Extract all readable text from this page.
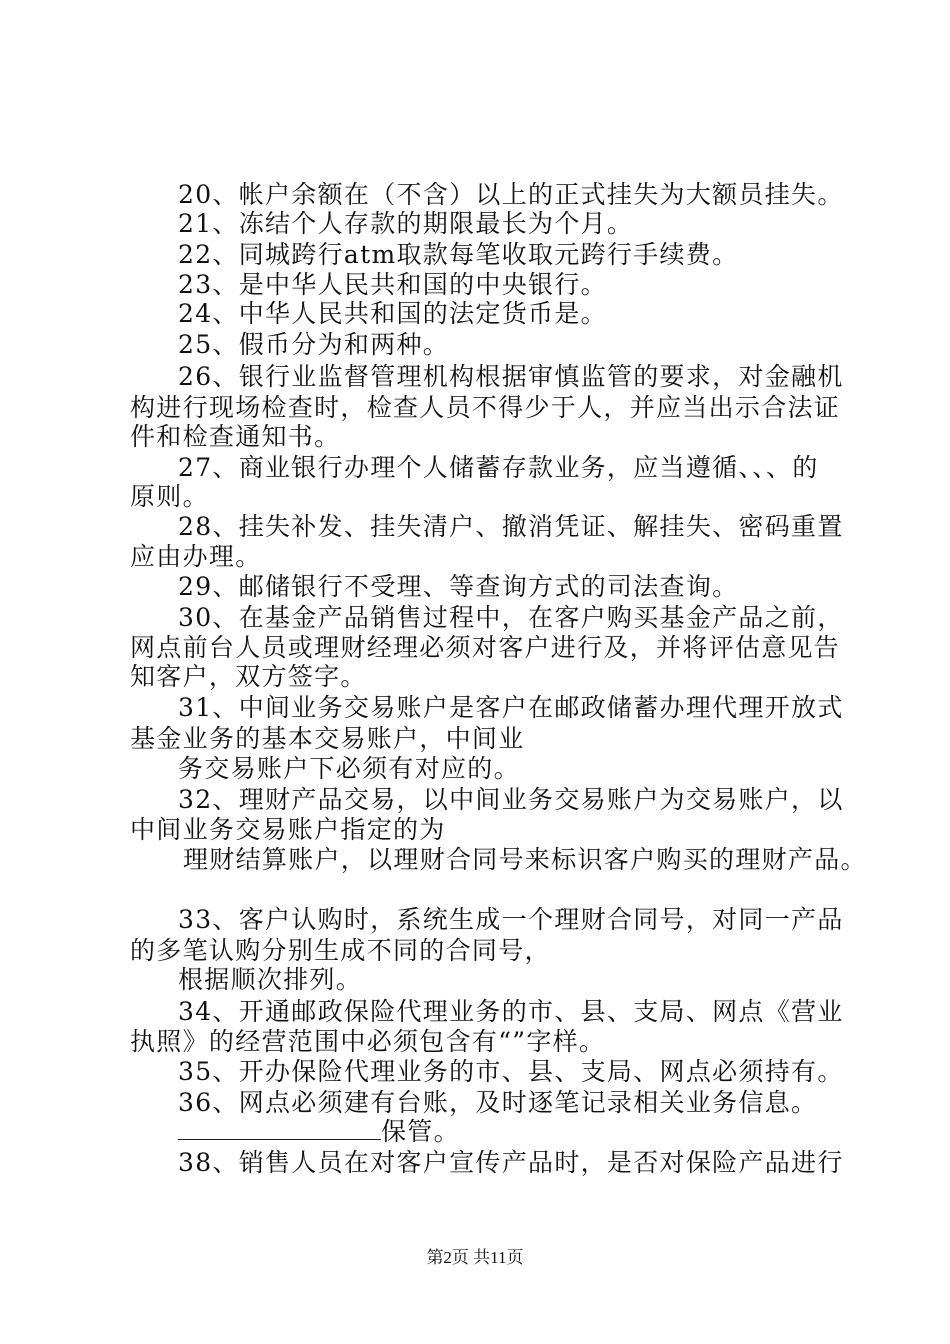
20、帐户余额在（不含）以上的正式挂失为大额员挂失。
21、冻结个人存款的期限最长为个月。
22、同城跨行atm取款每笔收取元跨行手续费。
23、是中华人民共和国的中央银行。
24、中华人民共和国的法定货币是。
25、假币分为和两种。
26、银行业监督管理机构根据审慎监管的要求，对金融机
构进行现场检查时，检查人员不得少于人，并应当出示合法证
件和检查通知书。
27、商业银行办理个人储蓄存款业务，应当遵循、、、的
原则。
28、挂失补发、挂失清户、撤消凭证、解挂失、密码重置
应由办理。
29、邮储银行不受理、等查询方式的司法查询。
30、在基金产品销售过程中，在客户购买基金产品之前，
网点前台人员或理财经理必须对客户进行及，并将评估意见告
知客户，双方签字。
31、中间业务交易账户是客户在邮政储蓄办理代理开放式
基金业务的基本交易账户，中间业
务交易账户下必须有对应的。
32、理财产品交易，以中间业务交易账户为交易账户，以
中间业务交易账户指定的为
理财结算账户，以理财合同号来标识客户购买的理财产品。
33、客户认购时，系统生成一个理财合同号，对同一产品
的多笔认购分别生成不同的合同号，
根据顺次排列。
34、开通邮政保险代理业务的市、县、支局、网点《营业
执照》的经营范围中必须包含有“”字样。
35、开办保险代理业务的市、县、支局、网点必须持有。
36、网点必须建有台账，及时逐笔记录相关业务信息。
保管。
38、销售人员在对客户宣传产品时，是否对保险产品进行
第2页 共11页
